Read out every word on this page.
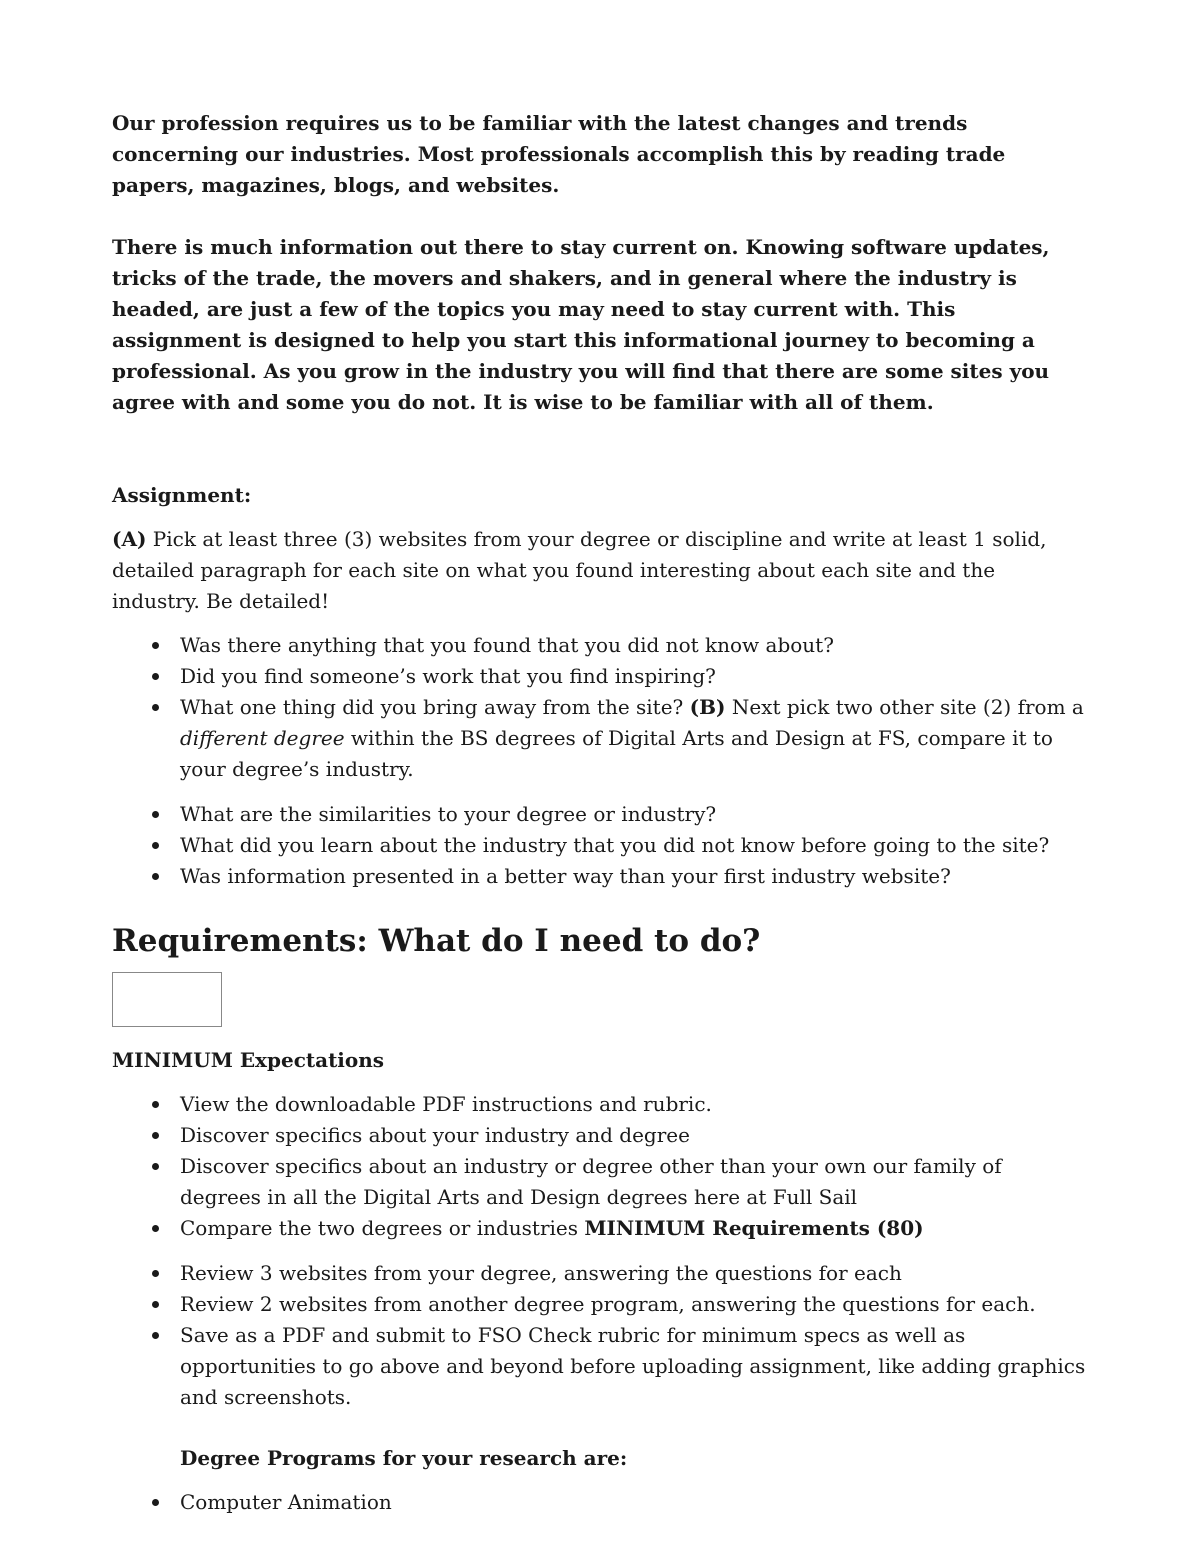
Our profession requires us to be familiar with the latest changes and trends concerning our industries. Most professionals accomplish this by reading trade papers, magazines, blogs, and websites.

There is much information out there to stay current on. Knowing software updates, tricks of the trade, the movers and shakers, and in general where the industry is headed, are just a few of the topics you may need to stay current with. This assignment is designed to help you start this informational journey to becoming a professional. As you grow in the industry you will find that there are some sites you agree with and some you do not. It is wise to be familiar with all of them.

Assignment:

(A) Pick at least three (3) websites from your degree or discipline and write at least 1 solid, detailed paragraph for each site on what you found interesting about each site and the industry. Be detailed!

Was there anything that you found that you did not know about?
Did you find someone’s work that you find inspiring?
What one thing did you bring away from the site? (B) Next pick two other site (2) from a different degree within the BS degrees of Digital Arts and Design at FS, compare it to your degree’s industry.
What are the similarities to your degree or industry?
What did you learn about the industry that you did not know before going to the site?
Was information presented in a better way than your first industry website?
Requirements: What do I need to do?

MINIMUM Expectations

View the downloadable PDF instructions and rubric.
Discover specifics about your industry and degree
Discover specifics about an industry or degree other than your own our family of degrees in all the Digital Arts and Design degrees here at Full Sail
Compare the two degrees or industries MINIMUM Requirements (80)
Review 3 websites from your degree, answering the questions for each
Review 2 websites from another degree program, answering the questions for each.
Save as a PDF and submit to FSO Check rubric for minimum specs as well as opportunities to go above and beyond before uploading assignment, like adding graphics and screenshots.

Degree Programs for your research are:

Computer Animation
